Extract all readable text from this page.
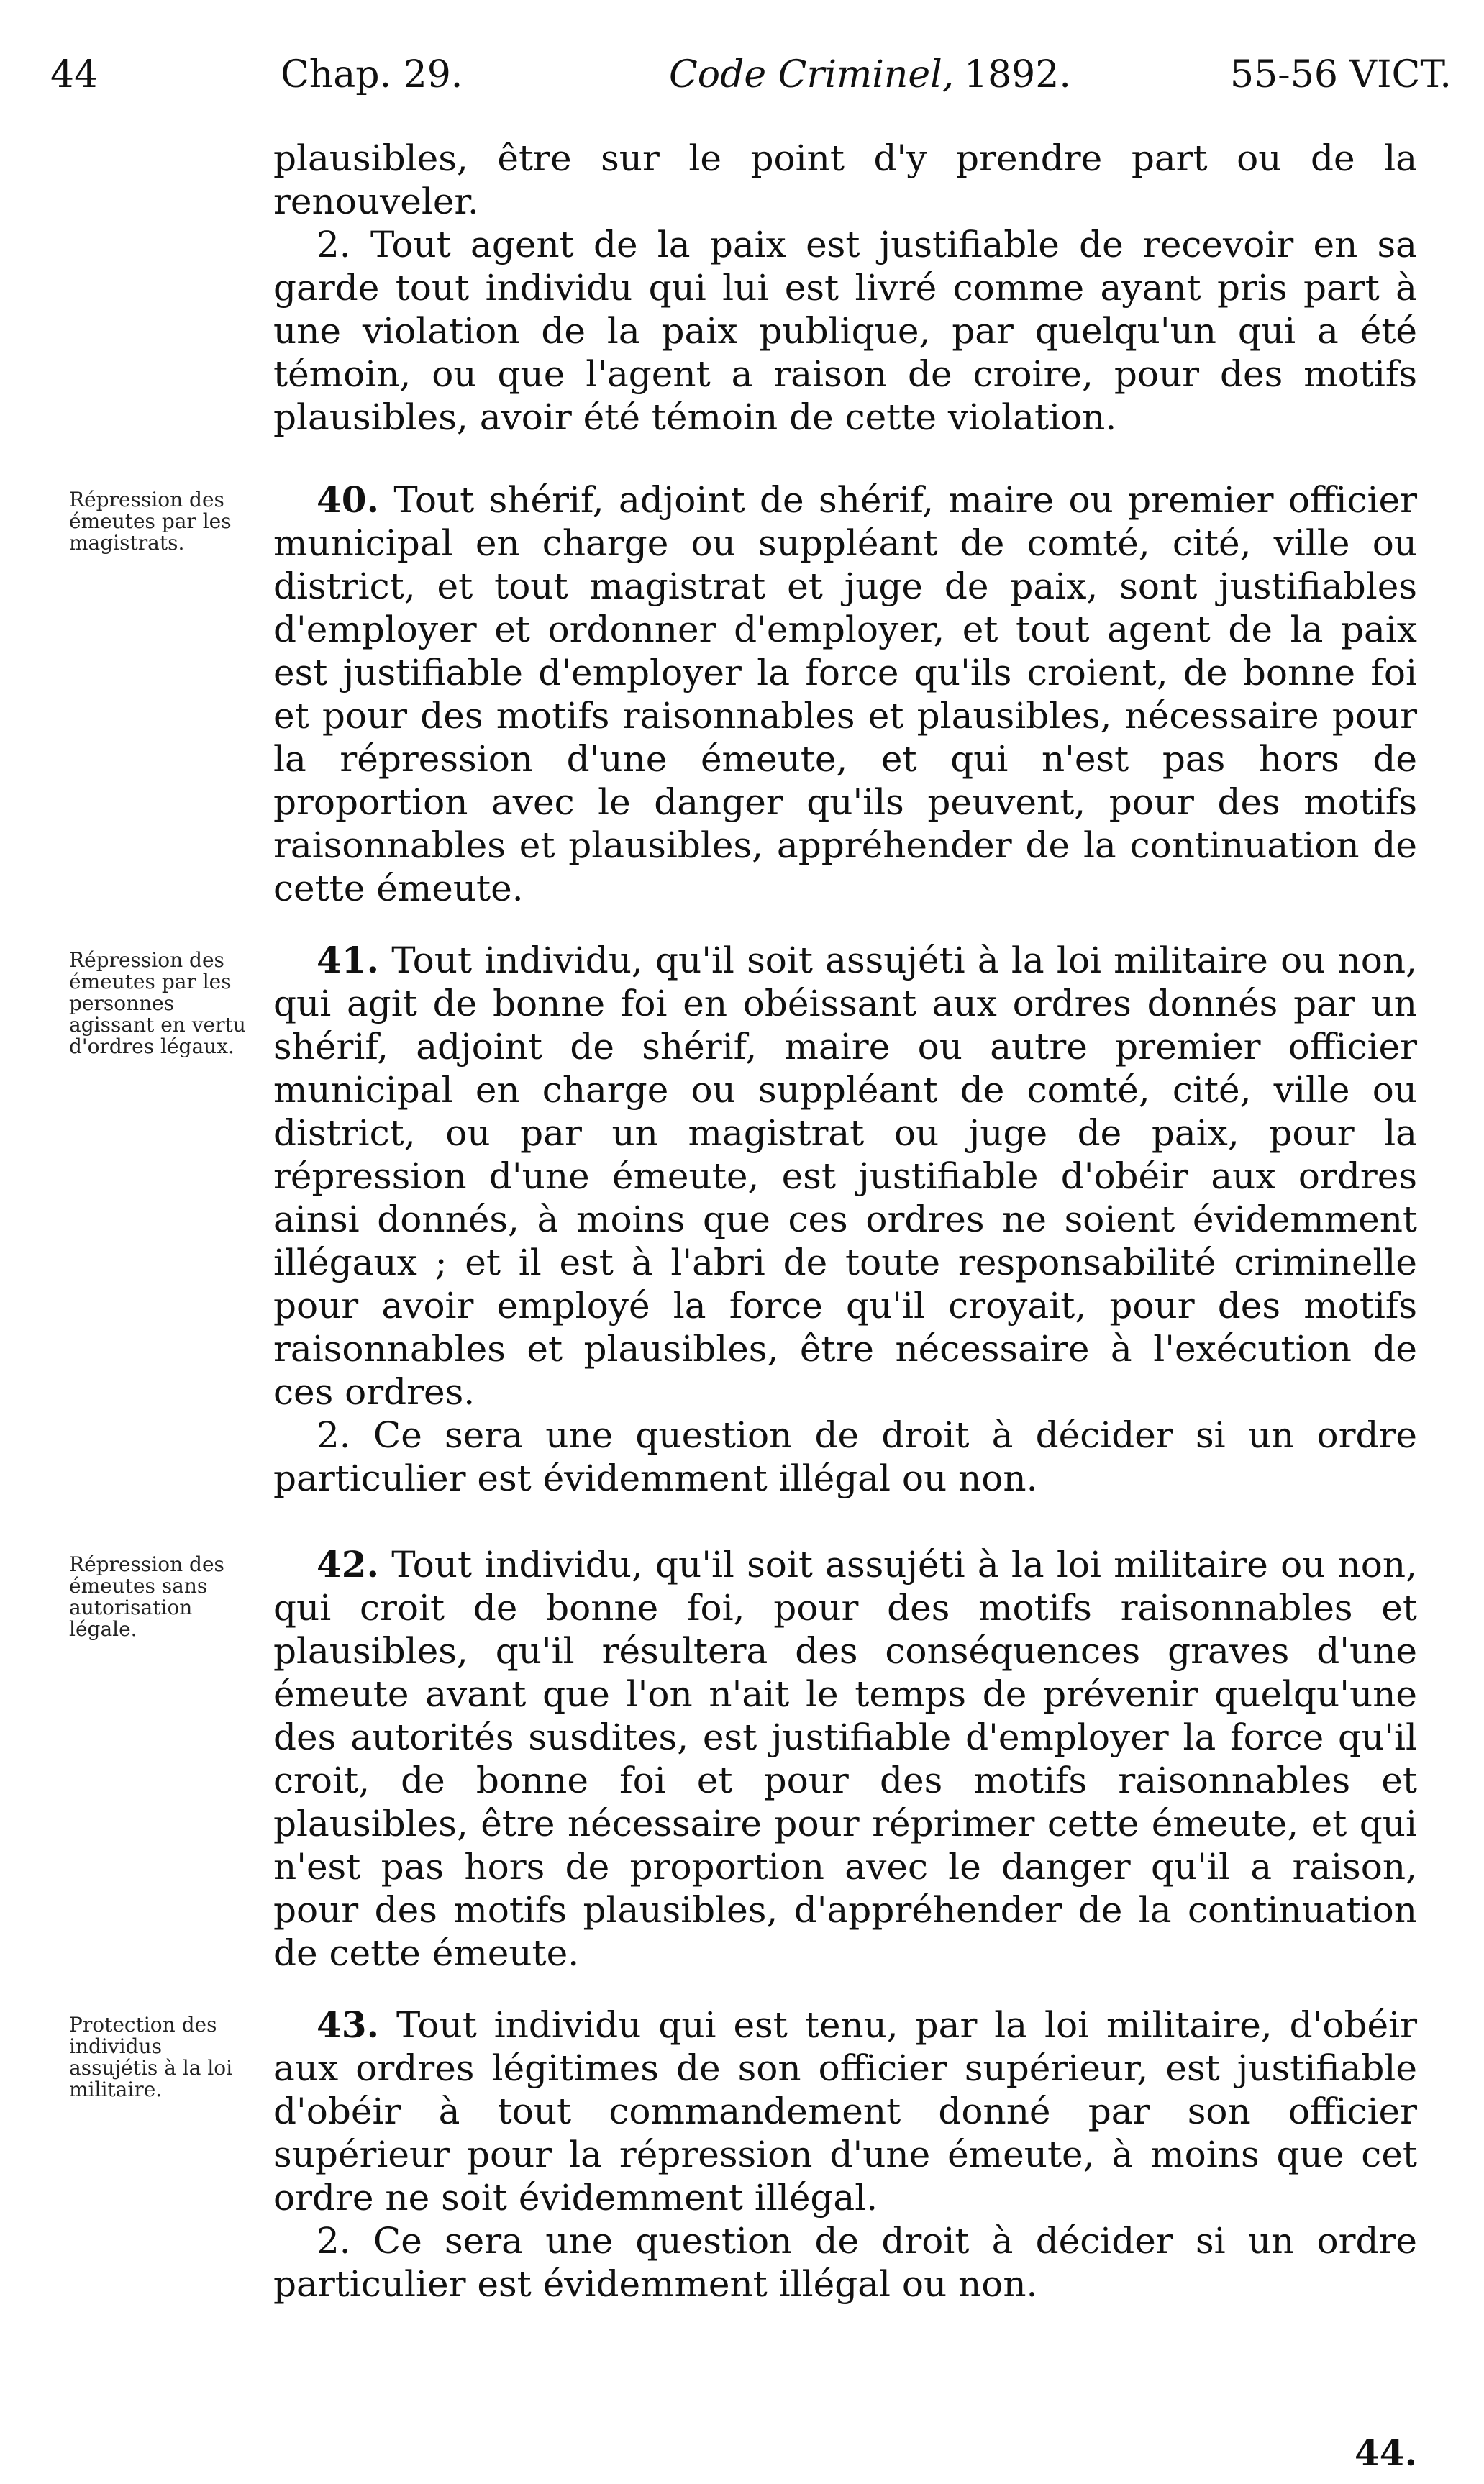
44	Chap. 29.	Code Criminel, 1892.	55-56 VICT.

plausibles, être sur le point d'y prendre part ou de la renouveler.

2. Tout agent de la paix est justifiable de recevoir en sa garde tout individu qui lui est livré comme ayant pris part à une violation de la paix publique, par quelqu'un qui a été témoin, ou que l'agent a raison de croire, pour des motifs plausibles, avoir été témoin de cette violation.

Répression des émeutes par les magistrats.

40. Tout shérif, adjoint de shérif, maire ou premier officier municipal en charge ou suppléant de comté, cité, ville ou district, et tout magistrat et juge de paix, sont justifiables d'employer et ordonner d'employer, et tout agent de la paix est justifiable d'employer la force qu'ils croient, de bonne foi et pour des motifs raisonnables et plausibles, nécessaire pour la répression d'une émeute, et qui n'est pas hors de proportion avec le danger qu'ils peuvent, pour des motifs raisonnables et plausibles, appréhender de la continuation de cette émeute.

Répression des émeutes par les personnes agissant en vertu d'ordres légaux.

41. Tout individu, qu'il soit assujéti à la loi militaire ou non, qui agit de bonne foi en obéissant aux ordres donnés par un shérif, adjoint de shérif, maire ou autre premier officier municipal en charge ou suppléant de comté, cité, ville ou district, ou par un magistrat ou juge de paix, pour la répression d'une émeute, est justifiable d'obéir aux ordres ainsi donnés, à moins que ces ordres ne soient évidemment illégaux ; et il est à l'abri de toute responsabilité criminelle pour avoir employé la force qu'il croyait, pour des motifs raisonnables et plausibles, être nécessaire à l'exécution de ces ordres.

2. Ce sera une question de droit à décider si un ordre particulier est évidemment illégal ou non.

Répression des émeutes sans autorisation légale.

42. Tout individu, qu'il soit assujéti à la loi militaire ou non, qui croit de bonne foi, pour des motifs raisonnables et plausibles, qu'il résultera des conséquences graves d'une émeute avant que l'on n'ait le temps de prévenir quelqu'une des autorités susdites, est justifiable d'employer la force qu'il croit, de bonne foi et pour des motifs raisonnables et plausibles, être nécessaire pour réprimer cette émeute, et qui n'est pas hors de proportion avec le danger qu'il a raison, pour des motifs plausibles, d'appréhender de la continuation de cette émeute.

Protection des individus assujétis à la loi militaire.

43. Tout individu qui est tenu, par la loi militaire, d'obéir aux ordres légitimes de son officier supérieur, est justifiable d'obéir à tout commandement donné par son officier supérieur pour la répression d'une émeute, à moins que cet ordre ne soit évidemment illégal.

2. Ce sera une question de droit à décider si un ordre particulier est évidemment illégal ou non.

44.
